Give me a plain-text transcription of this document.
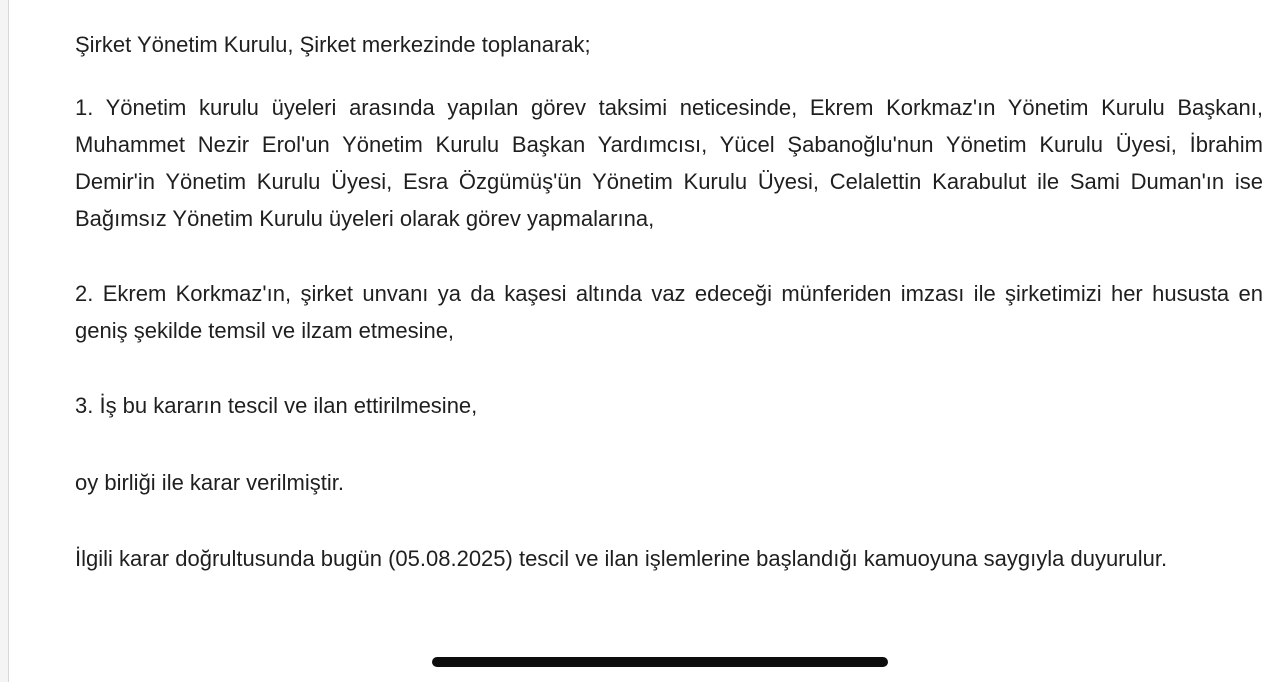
Şirket Yönetim Kurulu, Şirket merkezinde toplanarak;

1. Yönetim kurulu üyeleri arasında yapılan görev taksimi neticesinde, Ekrem Korkmaz'ın Yönetim Kurulu Başkanı, Muhammet Nezir Erol'un Yönetim Kurulu Başkan Yardımcısı, Yücel Şabanoğlu'nun Yönetim Kurulu Üyesi, İbrahim Demir'in Yönetim Kurulu Üyesi, Esra Özgümüş'ün Yönetim Kurulu Üyesi, Celalettin Karabulut ile Sami Duman'ın ise Bağımsız Yönetim Kurulu üyeleri olarak görev yapmalarına,

2. Ekrem Korkmaz'ın, şirket unvanı ya da kaşesi altında vaz edeceği münferiden imzası ile şirketimizi her hususta en geniş şekilde temsil ve ilzam etmesine,

3. İş bu kararın tescil ve ilan ettirilmesine,

oy birliği ile karar verilmiştir.

İlgili karar doğrultusunda bugün (05.08.2025) tescil ve ilan işlemlerine başlandığı kamuoyuna saygıyla duyurulur.
